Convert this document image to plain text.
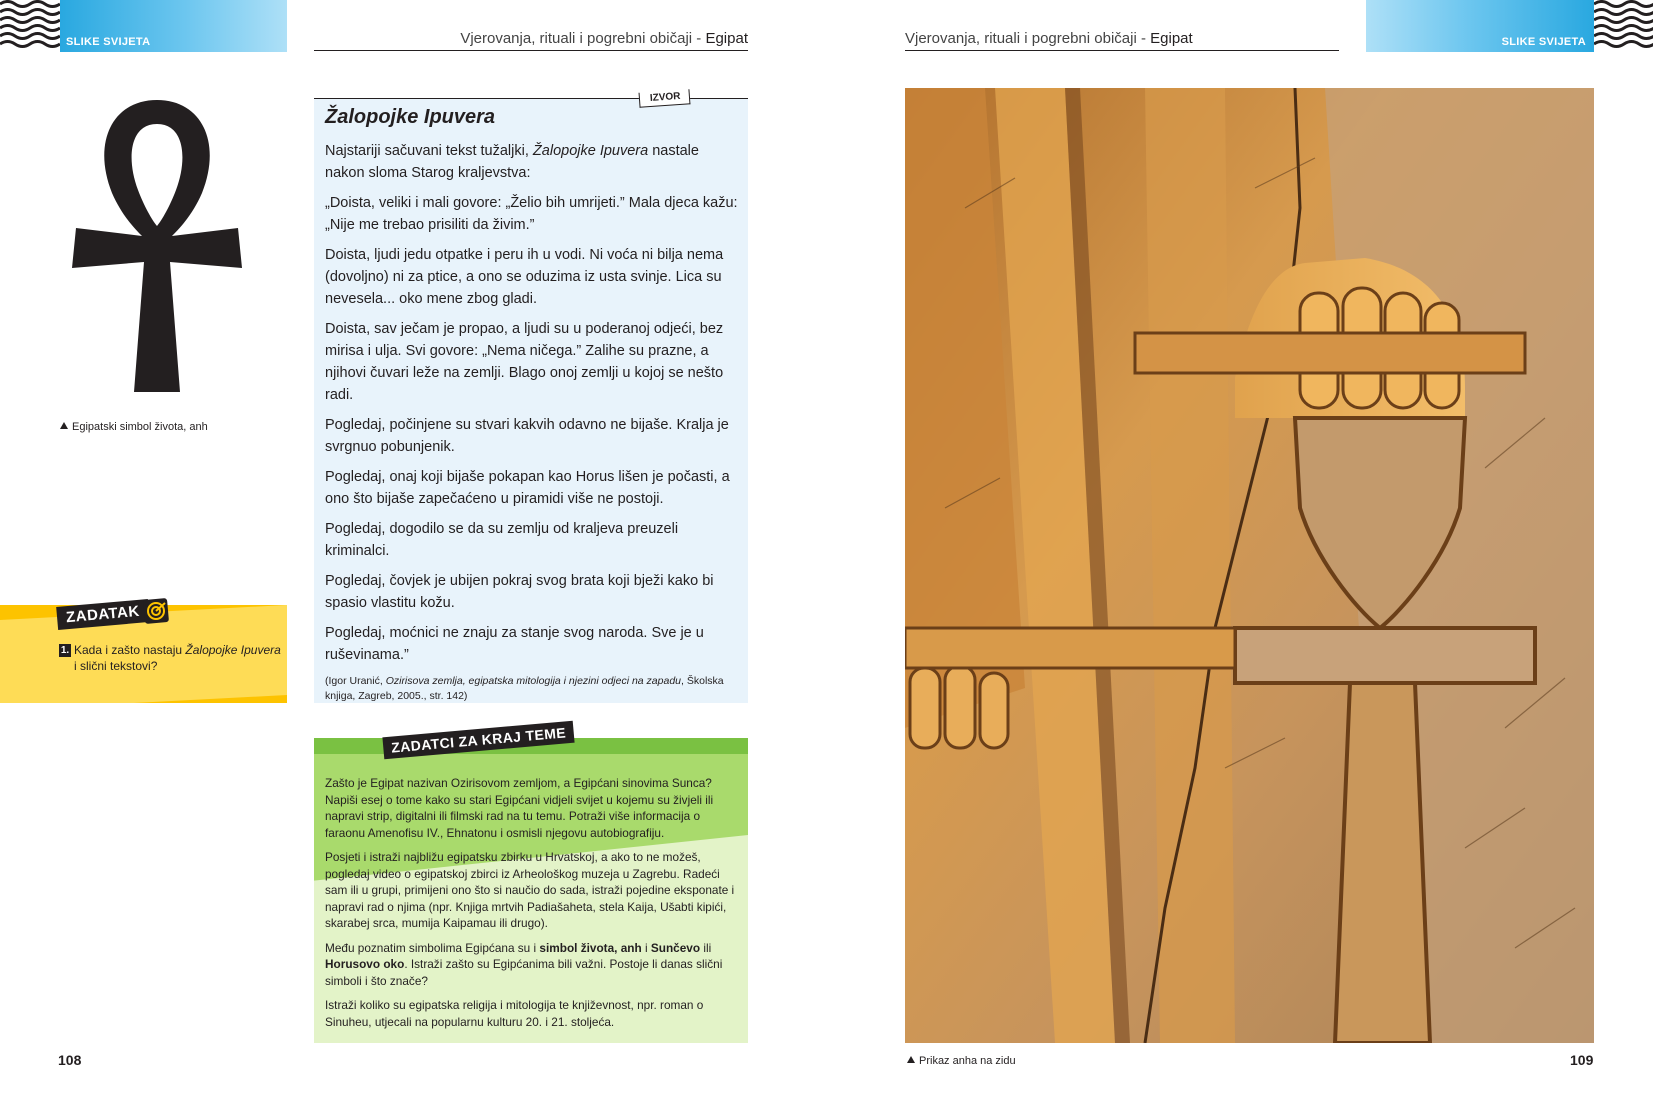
SLIKE SVIJETA	Vjerovanja, rituali i pogrebni običaji - Egipat
Egipatski simbol života, anh
ZADATAK
1. Kada i zašto nastaju Žalopojke Ipuvera i slični tekstovi?
IZVOR
Žalopojke Ipuvera

Najstariji sačuvani tekst tužaljki, Žalopojke Ipuvera nastale nakon sloma Starog kraljevstva:

„Doista, veliki i mali govore: „Želio bih umrijeti.” Mala djeca kažu: „Nije me trebao prisiliti da živim.”

Doista, ljudi jedu otpatke i peru ih u vodi. Ni voća ni bilja nema (dovoljno) ni za ptice, a ono se oduzima iz usta svinje. Lica su nevesela... oko mene zbog gladi.

Doista, sav ječam je propao, a ljudi su u poderanoj odjeći, bez mirisa i ulja. Svi govore: „Nema ničega.” Zalihe su prazne, a njihovi čuvari leže na zemlji. Blago onoj zemlji u kojoj se nešto radi.

Pogledaj, počinjene su stvari kakvih odavno ne bijaše. Kralja je svrgnuo pobunjenik.

Pogledaj, onaj koji bijaše pokapan kao Horus lišen je počasti, a ono što bijaše zapečaćeno u piramidi više ne postoji.

Pogledaj, dogodilo se da su zemlju od kraljeva preuzeli kriminalci.

Pogledaj, čovjek je ubijen pokraj svog brata koji bježi kako bi spasio vlastitu kožu.

Pogledaj, moćnici ne znaju za stanje svog naroda. Sve je u ruševinama.”

(Igor Uranić, Ozirisova zemlja, egipatska mitologija i njezini odjeci na zapadu, Školska knjiga, Zagreb, 2005., str. 142)
ZADATCI ZA KRAJ TEME

Zašto je Egipat nazivan Ozirisovom zemljom, a Egipćani sinovima Sunca? Napiši esej o tome kako su stari Egipćani vidjeli svijet u kojemu su živjeli ili napravi strip, digitalni ili filmski rad na tu temu. Potraži više informacija o faraonu Amenofisu IV., Ehnatonu i osmisli njegovu autobiografiju.

Posjeti i istraži najbližu egipatsku zbirku u Hrvatskoj, a ako to ne možeš, pogledaj video o egipatskoj zbirci iz Arheološkog muzeja u Zagrebu. Radeći sam ili u grupi, primijeni ono što si naučio do sada, istraži pojedine eksponate i napravi rad o njima (npr. Knjiga mrtvih Padiašaheta, stela Kaija, Ušabti kipići, skarabej srca, mumija Kaipamau ili drugo).

Među poznatim simbolima Egipćana su i simbol života, anh i Sunčevo ili Horusovo oko. Istraži zašto su Egipćanima bili važni. Postoje li danas slični simboli i što znače?

Istraži koliko su egipatska religija i mitologija te književnost, npr. roman o Sinuheu, utjecali na popularnu kulturu 20. i 21. stoljeća.

108
Vjerovanja, rituali i pogrebni običaji - Egipat	SLIKE SVIJETA
Prikaz anha na zidu	109
